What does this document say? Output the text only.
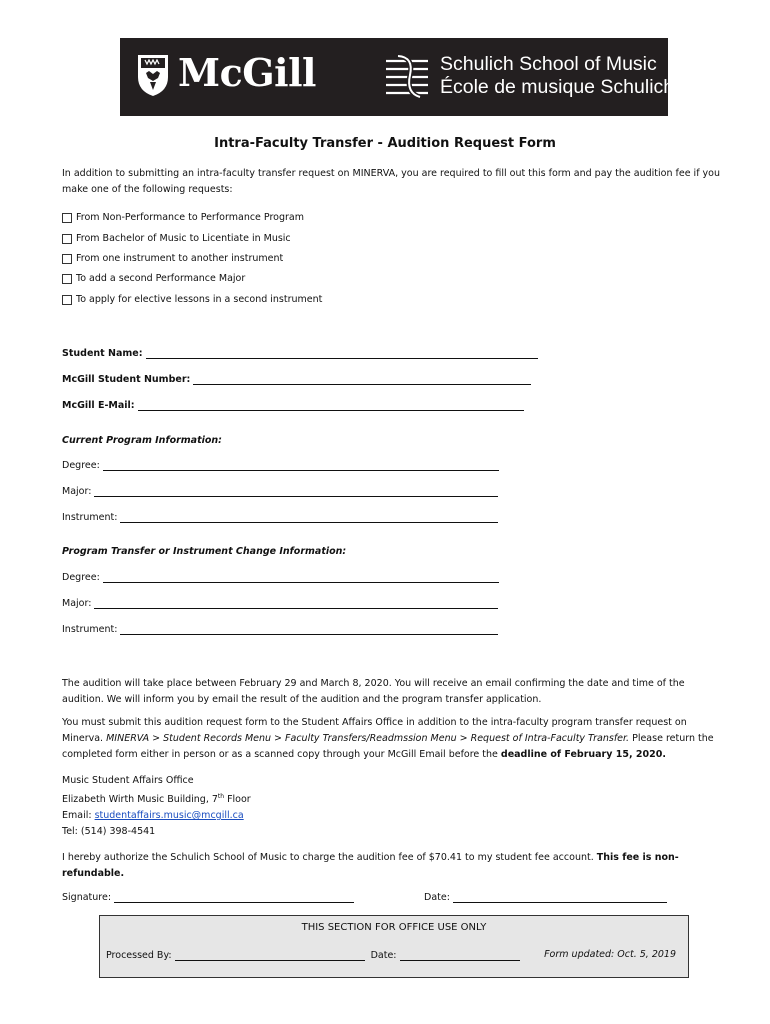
McGill	Schulich School of Music
École de musique Schulich
Intra-Faculty Transfer - Audition Request Form
In addition to submitting an intra-faculty transfer request on MINERVA, you are required to fill out this form and pay the audition fee if you make one of the following requests:
From Non-Performance to Performance Program
From Bachelor of Music to Licentiate in Music
From one instrument to another instrument
To add a second Performance Major
To apply for elective lessons in a second instrument
Student Name:
McGill Student Number:
McGill E-Mail:
Current Program Information:
Degree:
Major:
Instrument:
Program Transfer or Instrument Change Information:
Degree:
Major:
Instrument:
The audition will take place between February 29 and March 8, 2020. You will receive an email confirming the date and time of the audition. We will inform you by email the result of the audition and the program transfer application.
You must submit this audition request form to the Student Affairs Office in addition to the intra-faculty program transfer request on Minerva. MINERVA > Student Records Menu > Faculty Transfers/Readmssion Menu > Request of Intra-Faculty Transfer. Please return the completed form either in person or as a scanned copy through your McGill Email before the deadline of February 15, 2020.
Music Student Affairs Office
Elizabeth Wirth Music Building, 7th Floor
Email: studentaffairs.music@mcgill.ca
Tel: (514) 398-4541
I hereby authorize the Schulich School of Music to charge the audition fee of $70.41 to my student fee account. This fee is non-refundable.
Signature:	Date:
THIS SECTION FOR OFFICE USE ONLY
Processed By:	Date:	Form updated: Oct. 5, 2019
